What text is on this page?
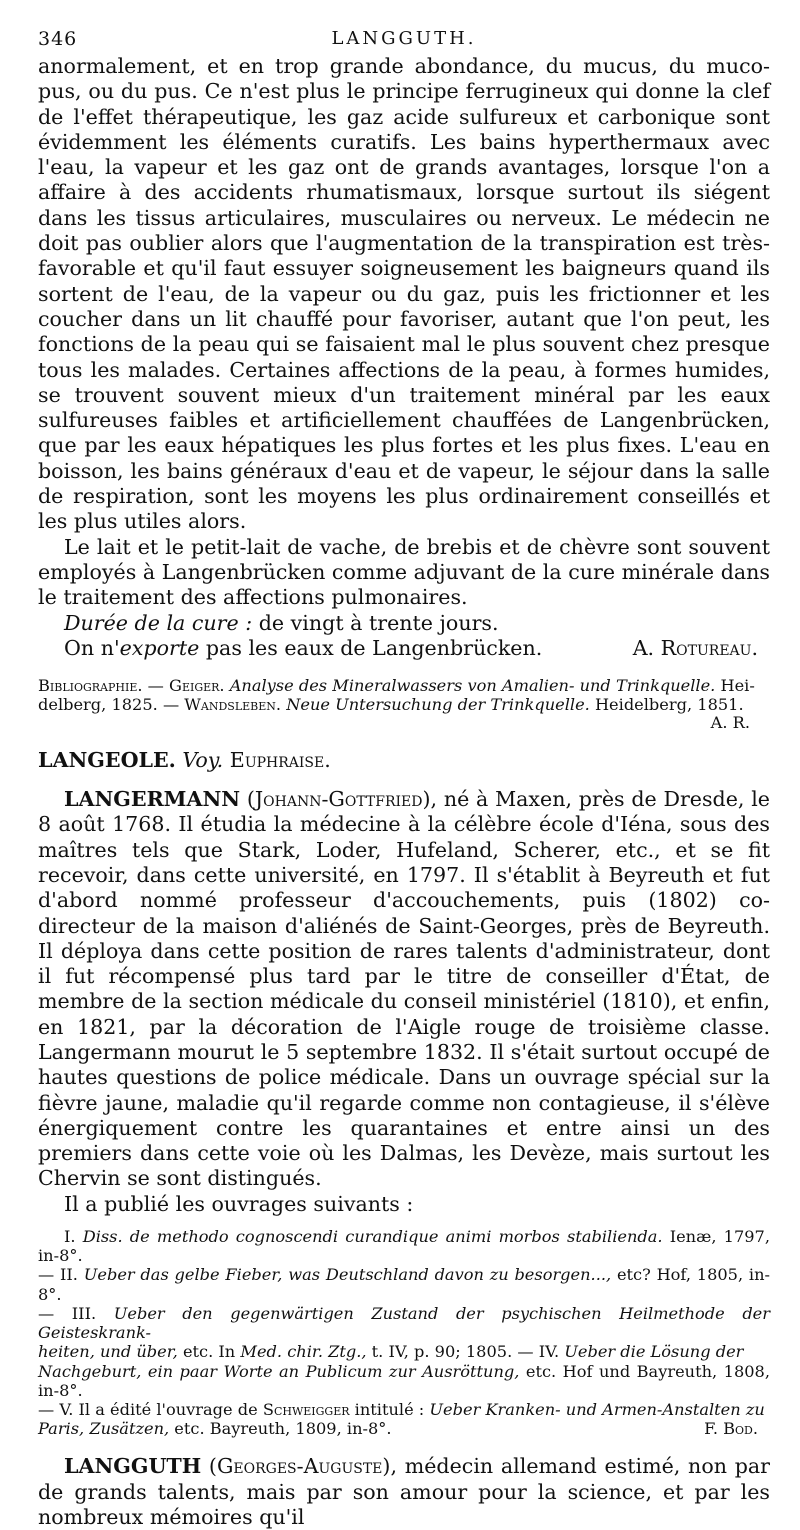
346	LANGGUTH.

anormalement, et en trop grande abondance, du mucus, du muco-pus, ou du pus. Ce n'est plus le principe ferrugineux qui donne la clef de l'effet thérapeutique, les gaz acide sulfureux et carbonique sont évidemment les éléments curatifs. Les bains hyperthermaux avec l'eau, la vapeur et les gaz ont de grands avantages, lorsque l'on a affaire à des accidents rhumatismaux, lorsque surtout ils siégent dans les tissus articulaires, musculaires ou nerveux. Le médecin ne doit pas oublier alors que l'augmentation de la transpiration est très-favorable et qu'il faut essuyer soigneusement les baigneurs quand ils sortent de l'eau, de la vapeur ou du gaz, puis les frictionner et les coucher dans un lit chauffé pour favoriser, autant que l'on peut, les fonctions de la peau qui se faisaient mal le plus souvent chez presque tous les malades. Certaines affections de la peau, à formes humides, se trouvent souvent mieux d'un traitement minéral par les eaux sulfureuses faibles et artificiellement chauffées de Langenbrücken, que par les eaux hépatiques les plus fortes et les plus fixes. L'eau en boisson, les bains généraux d'eau et de vapeur, le séjour dans la salle de respiration, sont les moyens les plus ordinairement conseillés et les plus utiles alors.

Le lait et le petit-lait de vache, de brebis et de chèvre sont souvent employés à Langenbrücken comme adjuvant de la cure minérale dans le traitement des affections pulmonaires.

Durée de la cure : de vingt à trente jours.

On n'exporte pas les eaux de Langenbrücken.	A. Rotureau.

Bibliographie. — Geiger. Analyse des Mineralwassers von Amalien- und Trinkquelle. Hei-

delberg, 1825. — Wandsleben. Neue Untersuchung der Trinkquelle. Heidelberg, 1851.

A. R.

LANGEOLE. Voy. Euphraise.

LANGERMANN (Johann-Gottfried), né à Maxen, près de Dresde, le 8 août 1768. Il étudia la médecine à la célèbre école d'Iéna, sous des maîtres tels que Stark, Loder, Hufeland, Scherer, etc., et se fit recevoir, dans cette université, en 1797. Il s'établit à Beyreuth et fut d'abord nommé professeur d'accouchements, puis (1802) co-directeur de la maison d'aliénés de Saint-Georges, près de Beyreuth. Il déploya dans cette position de rares talents d'administrateur, dont il fut récompensé plus tard par le titre de conseiller d'État, de membre de la section médicale du conseil ministériel (1810), et enfin, en 1821, par la décoration de l'Aigle rouge de troisième classe. Langermann mourut le 5 septembre 1832. Il s'était surtout occupé de hautes questions de police médicale. Dans un ouvrage spécial sur la fièvre jaune, maladie qu'il regarde comme non contagieuse, il s'élève énergiquement contre les quarantaines et entre ainsi un des premiers dans cette voie où les Dalmas, les Devèze, mais surtout les Chervin se sont distingués.

Il a publié les ouvrages suivants :

I. Diss. de methodo cognoscendi curandique animi morbos stabilienda. Ienæ, 1797, in-8°.

— II. Ueber das gelbe Fieber, was Deutschland davon zu besorgen..., etc? Hof, 1805, in-8°.

— III. Ueber den gegenwärtigen Zustand der psychischen Heilmethode der Geisteskrank-

heiten, und über, etc. In Med. chir. Ztg., t. IV, p. 90; 1805. — IV. Ueber die Lösung der

Nachgeburt, ein paar Worte an Publicum zur Ausröttung, etc. Hof und Bayreuth, 1808, in-8°.

— V. Il a édité l'ouvrage de Schweigger intitulé : Ueber Kranken- und Armen-Anstalten zu

Paris, Zusätzen, etc. Bayreuth, 1809, in-8°.	F. Bod.

LANGGUTH (Georges-Auguste), médecin allemand estimé, non par de grands talents, mais par son amour pour la science, et par les nombreux mémoires qu'il
